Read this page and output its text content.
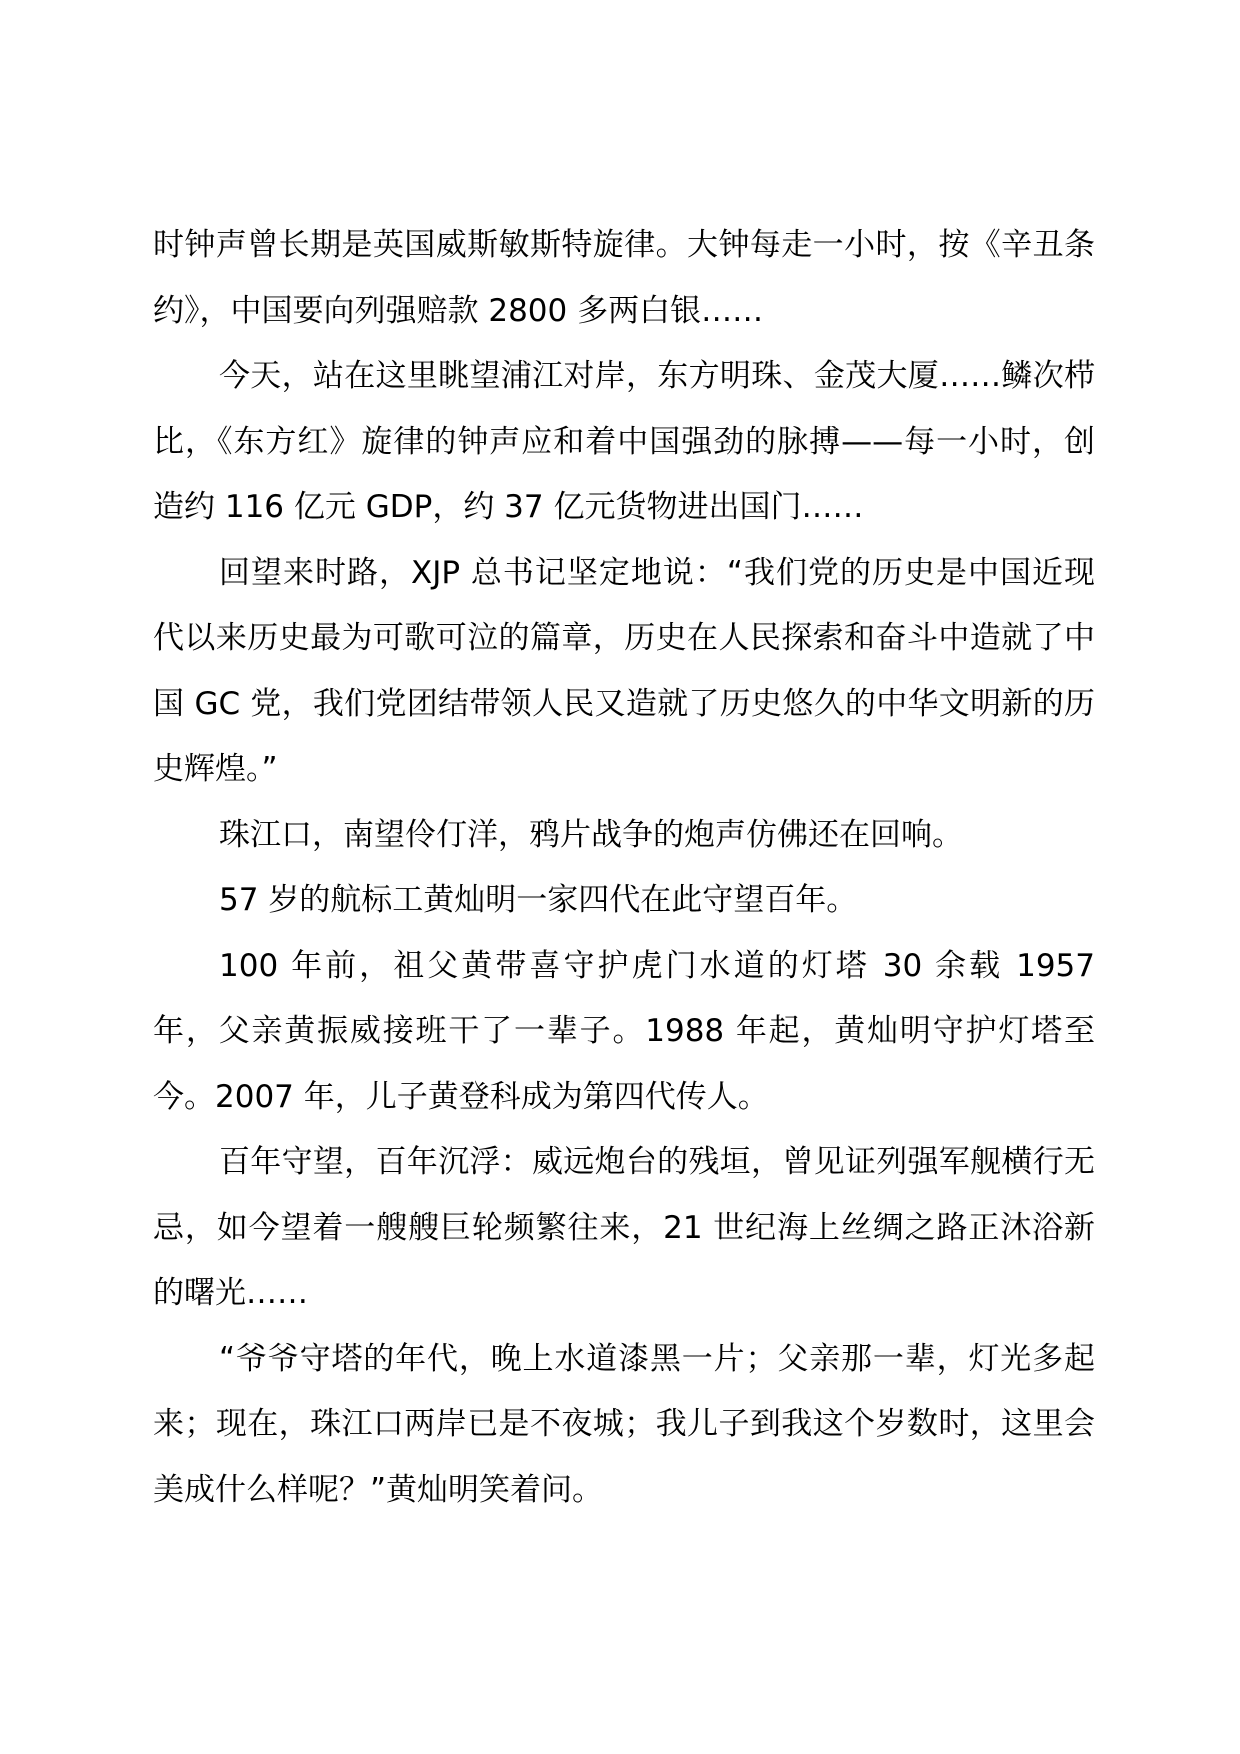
时钟声曾长期是英国威斯敏斯特旋律。大钟每走一小时，按《辛丑条约》，中国要向列强赔款 2800 多两白银……

今天，站在这里眺望浦江对岸，东方明珠、金茂大厦……鳞次栉比，《东方红》旋律的钟声应和着中国强劲的脉搏——每一小时，创造约 116 亿元 GDP，约 37 亿元货物进出国门……

回望来时路，XJP 总书记坚定地说：“我们党的历史是中国近现代以来历史最为可歌可泣的篇章，历史在人民探索和奋斗中造就了中国 GC 党，我们党团结带领人民又造就了历史悠久的中华文明新的历史辉煌。”

珠江口，南望伶仃洋，鸦片战争的炮声仿佛还在回响。

57 岁的航标工黄灿明一家四代在此守望百年。

100 年前，祖父黄带喜守护虎门水道的灯塔 30 余载 1957 年，父亲黄振威接班干了一辈子。1988 年起，黄灿明守护灯塔至今。2007 年，儿子黄登科成为第四代传人。

百年守望，百年沉浮：威远炮台的残垣，曾见证列强军舰横行无忌，如今望着一艘艘巨轮频繁往来，21 世纪海上丝绸之路正沐浴新的曙光……

“爷爷守塔的年代，晚上水道漆黑一片；父亲那一辈，灯光多起来；现在，珠江口两岸已是不夜城；我儿子到我这个岁数时，这里会美成什么样呢？”黄灿明笑着问。
